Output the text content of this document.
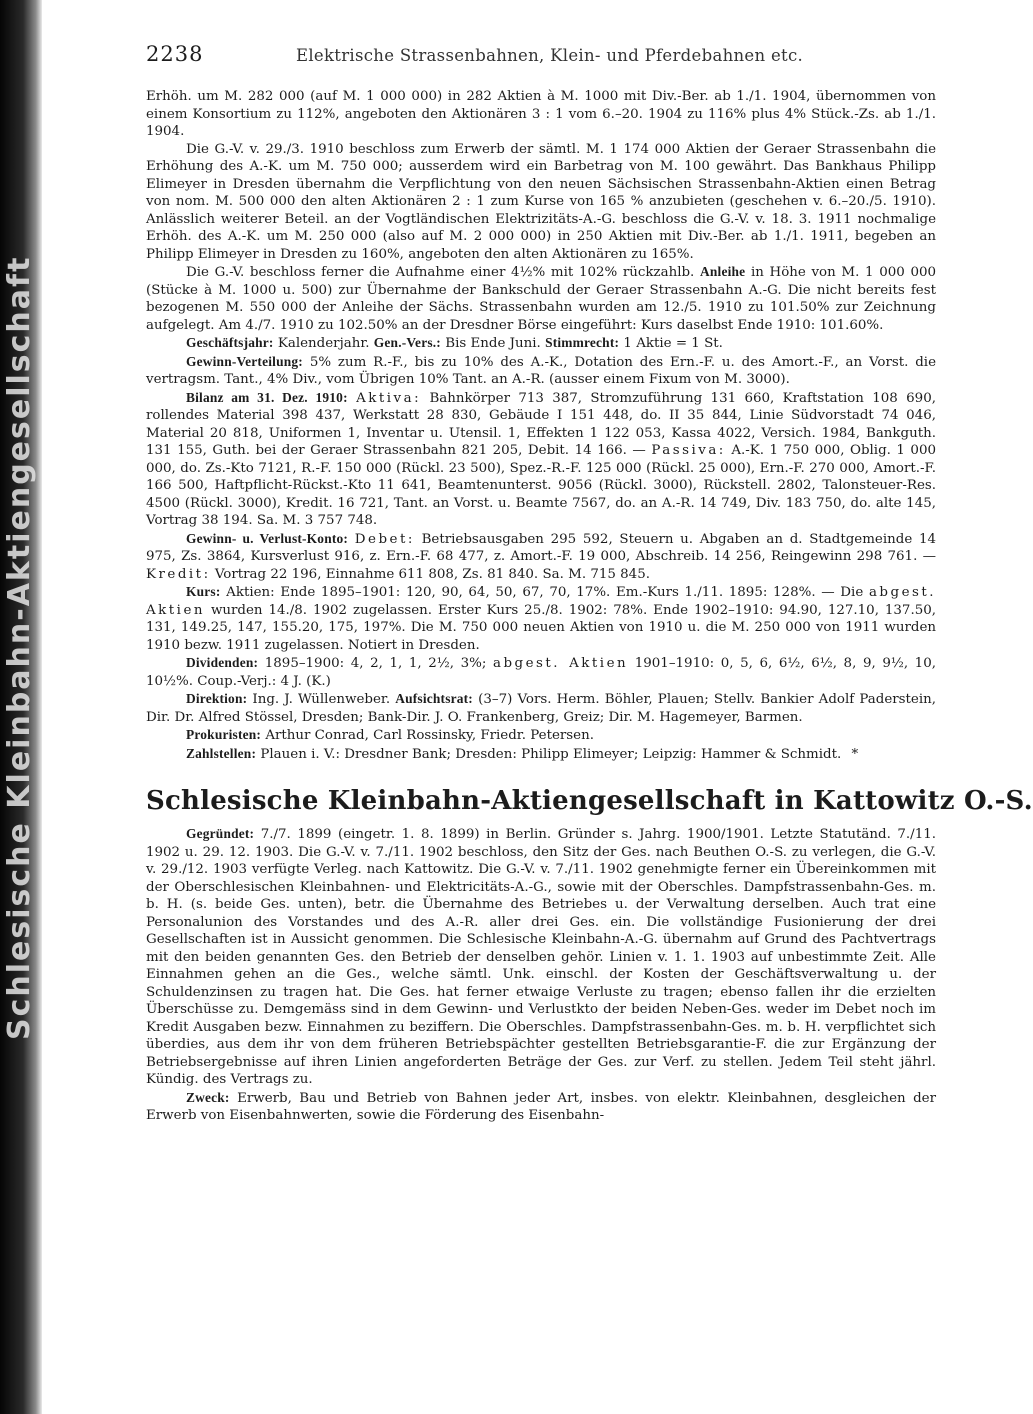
Schlesische Kleinbahn-Aktiengesellschaft
2238	Elektrische Strassenbahnen, Klein- und Pferdebahnen etc.

Erhöh. um M. 282 000 (auf M. 1 000 000) in 282 Aktien à M. 1000 mit Div.-Ber. ab 1./1. 1904, übernommen von einem Konsortium zu 112%, angeboten den Aktionären 3 : 1 vom 6.–20. 1904 zu 116% plus 4% Stück.-Zs. ab 1./1. 1904.

Die G.-V. v. 29./3. 1910 beschloss zum Erwerb der sämtl. M. 1 174 000 Aktien der Geraer Strassenbahn die Erhöhung des A.-K. um M. 750 000; ausserdem wird ein Barbetrag von M. 100 gewährt. Das Bankhaus Philipp Elimeyer in Dresden übernahm die Verpflichtung von den neuen Sächsischen Strassenbahn-Aktien einen Betrag von nom. M. 500 000 den alten Aktionären 2 : 1 zum Kurse von 165 % anzubieten (geschehen v. 6.–20./5. 1910). Anlässlich weiterer Beteil. an der Vogtländischen Elektrizitäts-A.-G. beschloss die G.-V. v. 18. 3. 1911 nochmalige Erhöh. des A.-K. um M. 250 000 (also auf M. 2 000 000) in 250 Aktien mit Div.-Ber. ab 1./1. 1911, begeben an Philipp Elimeyer in Dresden zu 160%, angeboten den alten Aktionären zu 165%.

Die G.-V. beschloss ferner die Aufnahme einer 4½% mit 102% rückzahlb. Anleihe in Höhe von M. 1 000 000 (Stücke à M. 1000 u. 500) zur Übernahme der Bankschuld der Geraer Strassenbahn A.-G. Die nicht bereits fest bezogenen M. 550 000 der Anleihe der Sächs. Strassenbahn wurden am 12./5. 1910 zu 101.50% zur Zeichnung aufgelegt. Am 4./7. 1910 zu 102.50% an der Dresdner Börse eingeführt: Kurs daselbst Ende 1910: 101.60%.

Geschäftsjahr: Kalenderjahr. Gen.-Vers.: Bis Ende Juni. Stimmrecht: 1 Aktie = 1 St.

Gewinn-Verteilung: 5% zum R.-F., bis zu 10% des A.-K., Dotation des Ern.-F. u. des Amort.-F., an Vorst. die vertragsm. Tant., 4% Div., vom Übrigen 10% Tant. an A.-R. (ausser einem Fixum von M. 3000).

Bilanz am 31. Dez. 1910: Aktiva: Bahnkörper 713 387, Stromzuführung 131 660, Kraftstation 108 690, rollendes Material 398 437, Werkstatt 28 830, Gebäude I 151 448, do. II 35 844, Linie Südvorstadt 74 046, Material 20 818, Uniformen 1, Inventar u. Utensil. 1, Effekten 1 122 053, Kassa 4022, Versich. 1984, Bankguth. 131 155, Guth. bei der Geraer Strassenbahn 821 205, Debit. 14 166. — Passiva: A.-K. 1 750 000, Oblig. 1 000 000, do. Zs.-Kto 7121, R.-F. 150 000 (Rückl. 23 500), Spez.-R.-F. 125 000 (Rückl. 25 000), Ern.-F. 270 000, Amort.-F. 166 500, Haftpflicht-Rückst.-Kto 11 641, Beamtenunterst. 9056 (Rückl. 3000), Rückstell. 2802, Talonsteuer-Res. 4500 (Rückl. 3000), Kredit. 16 721, Tant. an Vorst. u. Beamte 7567, do. an A.-R. 14 749, Div. 183 750, do. alte 145, Vortrag 38 194. Sa. M. 3 757 748.

Gewinn- u. Verlust-Konto: Debet: Betriebsausgaben 295 592, Steuern u. Abgaben an d. Stadtgemeinde 14 975, Zs. 3864, Kursverlust 916, z. Ern.-F. 68 477, z. Amort.-F. 19 000, Abschreib. 14 256, Reingewinn 298 761. — Kredit: Vortrag 22 196, Einnahme 611 808, Zs. 81 840. Sa. M. 715 845.

Kurs: Aktien: Ende 1895–1901: 120, 90, 64, 50, 67, 70, 17%. Em.-Kurs 1./11. 1895: 128%. — Die abgest. Aktien wurden 14./8. 1902 zugelassen. Erster Kurs 25./8. 1902: 78%. Ende 1902–1910: 94.90, 127.10, 137.50, 131, 149.25, 147, 155.20, 175, 197%. Die M. 750 000 neuen Aktien von 1910 u. die M. 250 000 von 1911 wurden 1910 bezw. 1911 zugelassen. Notiert in Dresden.

Dividenden: 1895–1900: 4, 2, 1, 1, 2½, 3%; abgest. Aktien 1901–1910: 0, 5, 6, 6½, 6½, 8, 9, 9½, 10, 10½%. Coup.-Verj.: 4 J. (K.)

Direktion: Ing. J. Wüllenweber. Aufsichtsrat: (3–7) Vors. Herm. Böhler, Plauen; Stellv. Bankier Adolf Paderstein, Dir. Dr. Alfred Stössel, Dresden; Bank-Dir. J. O. Frankenberg, Greiz; Dir. M. Hagemeyer, Barmen.

Prokuristen: Arthur Conrad, Carl Rossinsky, Friedr. Petersen.

Zahlstellen: Plauen i. V.: Dresdner Bank; Dresden: Philipp Elimeyer; Leipzig: Hammer & Schmidt. *

Schlesische Kleinbahn-Aktiengesellschaft in Kattowitz O.-S.

Gegründet: 7./7. 1899 (eingetr. 1. 8. 1899) in Berlin. Gründer s. Jahrg. 1900/1901. Letzte Statutänd. 7./11. 1902 u. 29. 12. 1903. Die G.-V. v. 7./11. 1902 beschloss, den Sitz der Ges. nach Beuthen O.-S. zu verlegen, die G.-V. v. 29./12. 1903 verfügte Verleg. nach Kattowitz. Die G.-V. v. 7./11. 1902 genehmigte ferner ein Übereinkommen mit der Oberschlesischen Kleinbahnen- und Elektricitäts-A.-G., sowie mit der Oberschles. Dampfstrassenbahn-Ges. m. b. H. (s. beide Ges. unten), betr. die Übernahme des Betriebes u. der Verwaltung derselben. Auch trat eine Personalunion des Vorstandes und des A.-R. aller drei Ges. ein. Die vollständige Fusionierung der drei Gesellschaften ist in Aussicht genommen. Die Schlesische Kleinbahn-A.-G. übernahm auf Grund des Pachtvertrags mit den beiden genannten Ges. den Betrieb der denselben gehör. Linien v. 1. 1. 1903 auf unbestimmte Zeit. Alle Einnahmen gehen an die Ges., welche sämtl. Unk. einschl. der Kosten der Geschäftsverwaltung u. der Schuldenzinsen zu tragen hat. Die Ges. hat ferner etwaige Verluste zu tragen; ebenso fallen ihr die erzielten Überschüsse zu. Demgemäss sind in dem Gewinn- und Verlustkto der beiden Neben-Ges. weder im Debet noch im Kredit Ausgaben bezw. Einnahmen zu beziffern. Die Oberschles. Dampfstrassenbahn-Ges. m. b. H. verpflichtet sich überdies, aus dem ihr von dem früheren Betriebspächter gestellten Betriebsgarantie-F. die zur Ergänzung der Betriebsergebnisse auf ihren Linien angeforderten Beträge der Ges. zur Verf. zu stellen. Jedem Teil steht jährl. Kündig. des Vertrags zu.

Zweck: Erwerb, Bau und Betrieb von Bahnen jeder Art, insbes. von elektr. Kleinbahnen, desgleichen der Erwerb von Eisenbahnwerten, sowie die Förderung des Eisenbahn-
